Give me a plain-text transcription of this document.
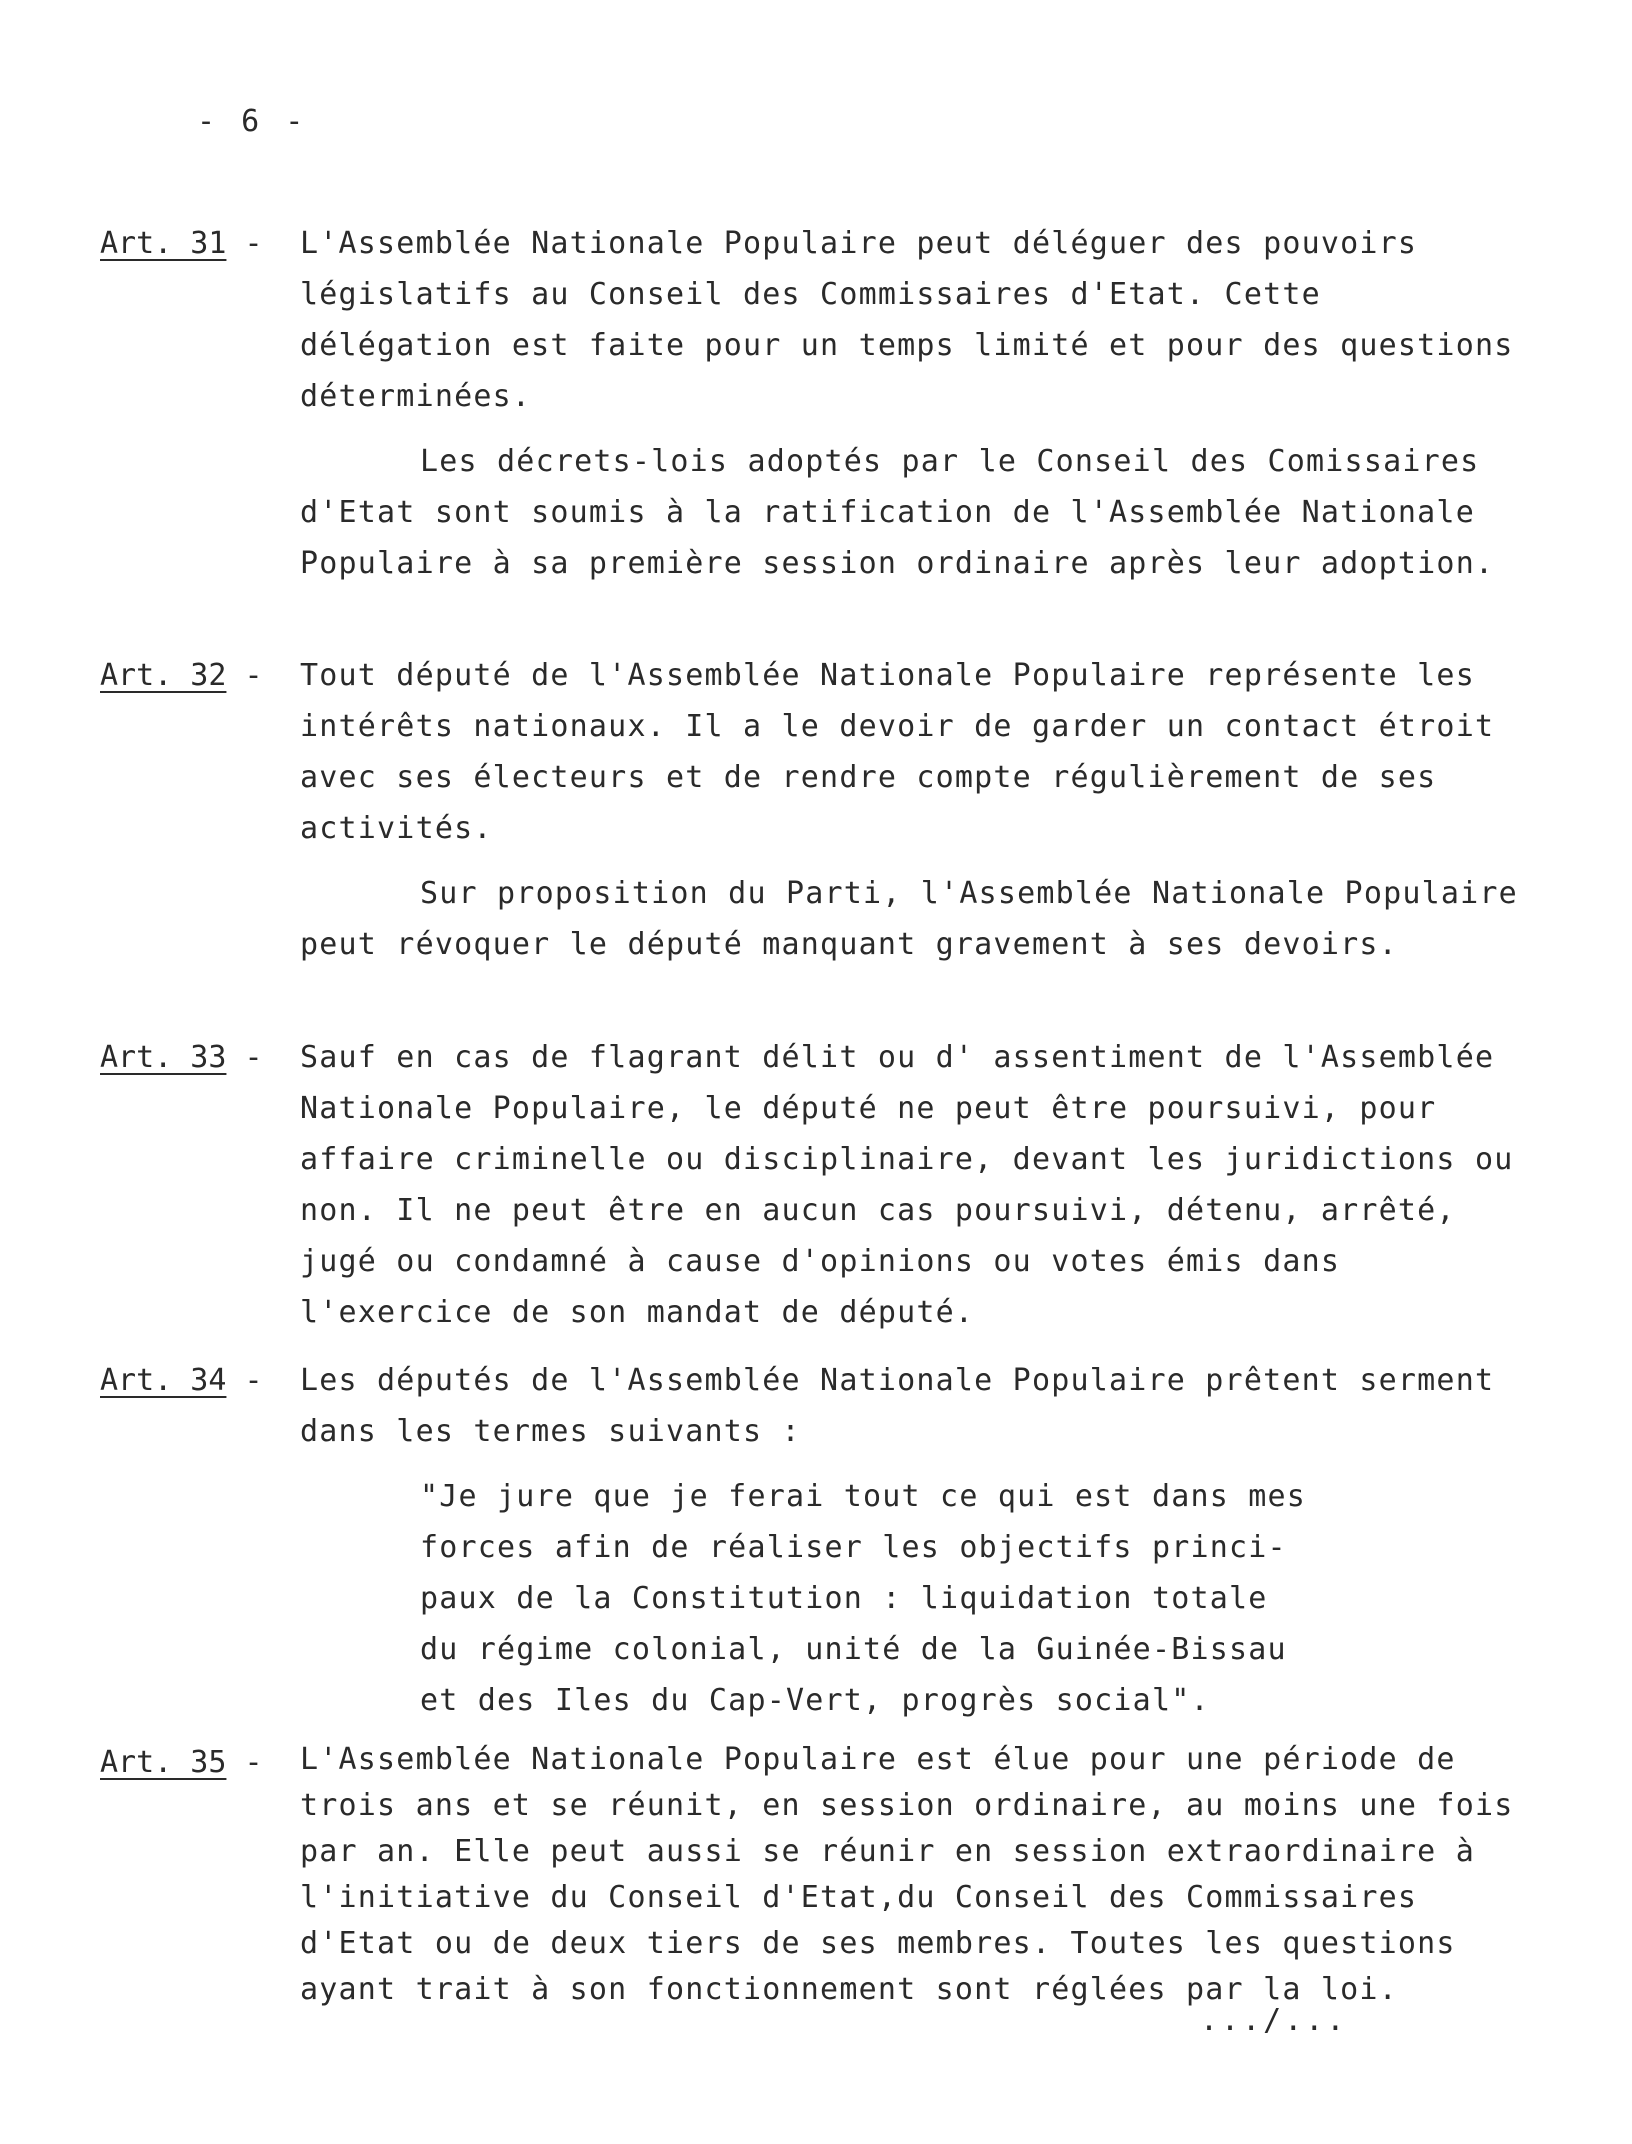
- 6 -
Art. 31 - L'Assemblée Nationale Populaire peut déléguer des pouvoirs législatifs au Conseil des Commissaires d'Etat. Cette délégation est faite pour un temps limité et pour des questions déterminées.

Les décrets-lois adoptés par le Conseil des Comissaires d'Etat sont soumis à la ratification de l'Assemblée Nationale Populaire à sa première session ordinaire après leur adoption.

Art. 32 - Tout député de l'Assemblée Nationale Populaire représente les intérêts nationaux. Il a le devoir de garder un contact étroit avec ses électeurs et de rendre compte régulièrement de ses activités.

Sur proposition du Parti, l'Assemblée Nationale Populaire peut révoquer le député manquant gravement à ses devoirs.

Art. 33 - Sauf en cas de flagrant délit ou d' assentiment de l'Assemblée Nationale Populaire, le député ne peut être poursuivi, pour affaire criminelle ou disciplinaire, devant les juridictions ou non. Il ne peut être en aucun cas poursuivi, détenu, arrêté, jugé ou condamné à cause d'opinions ou votes émis dans l'exercice de son mandat de député.

Art. 34 - Les députés de l'Assemblée Nationale Populaire prêtent serment dans les termes suivants :

"Je jure que je ferai tout ce qui est dans mes
forces afin de réaliser les objectifs princi-
paux de la Constitution : liquidation totale
du régime colonial, unité de la Guinée-Bissau
et des Iles du Cap-Vert, progrès social".
Art. 35 - L'Assemblée Nationale Populaire est élue pour une période de trois ans et se réunit, en session ordinaire, au moins une fois par an. Elle peut aussi se réunir en session extraordinaire à l'initiative du Conseil d'Etat,du Conseil des Commissaires d'Etat ou de deux tiers de ses membres. Toutes les questions ayant trait à son fonctionnement sont réglées par la loi.

.../...
